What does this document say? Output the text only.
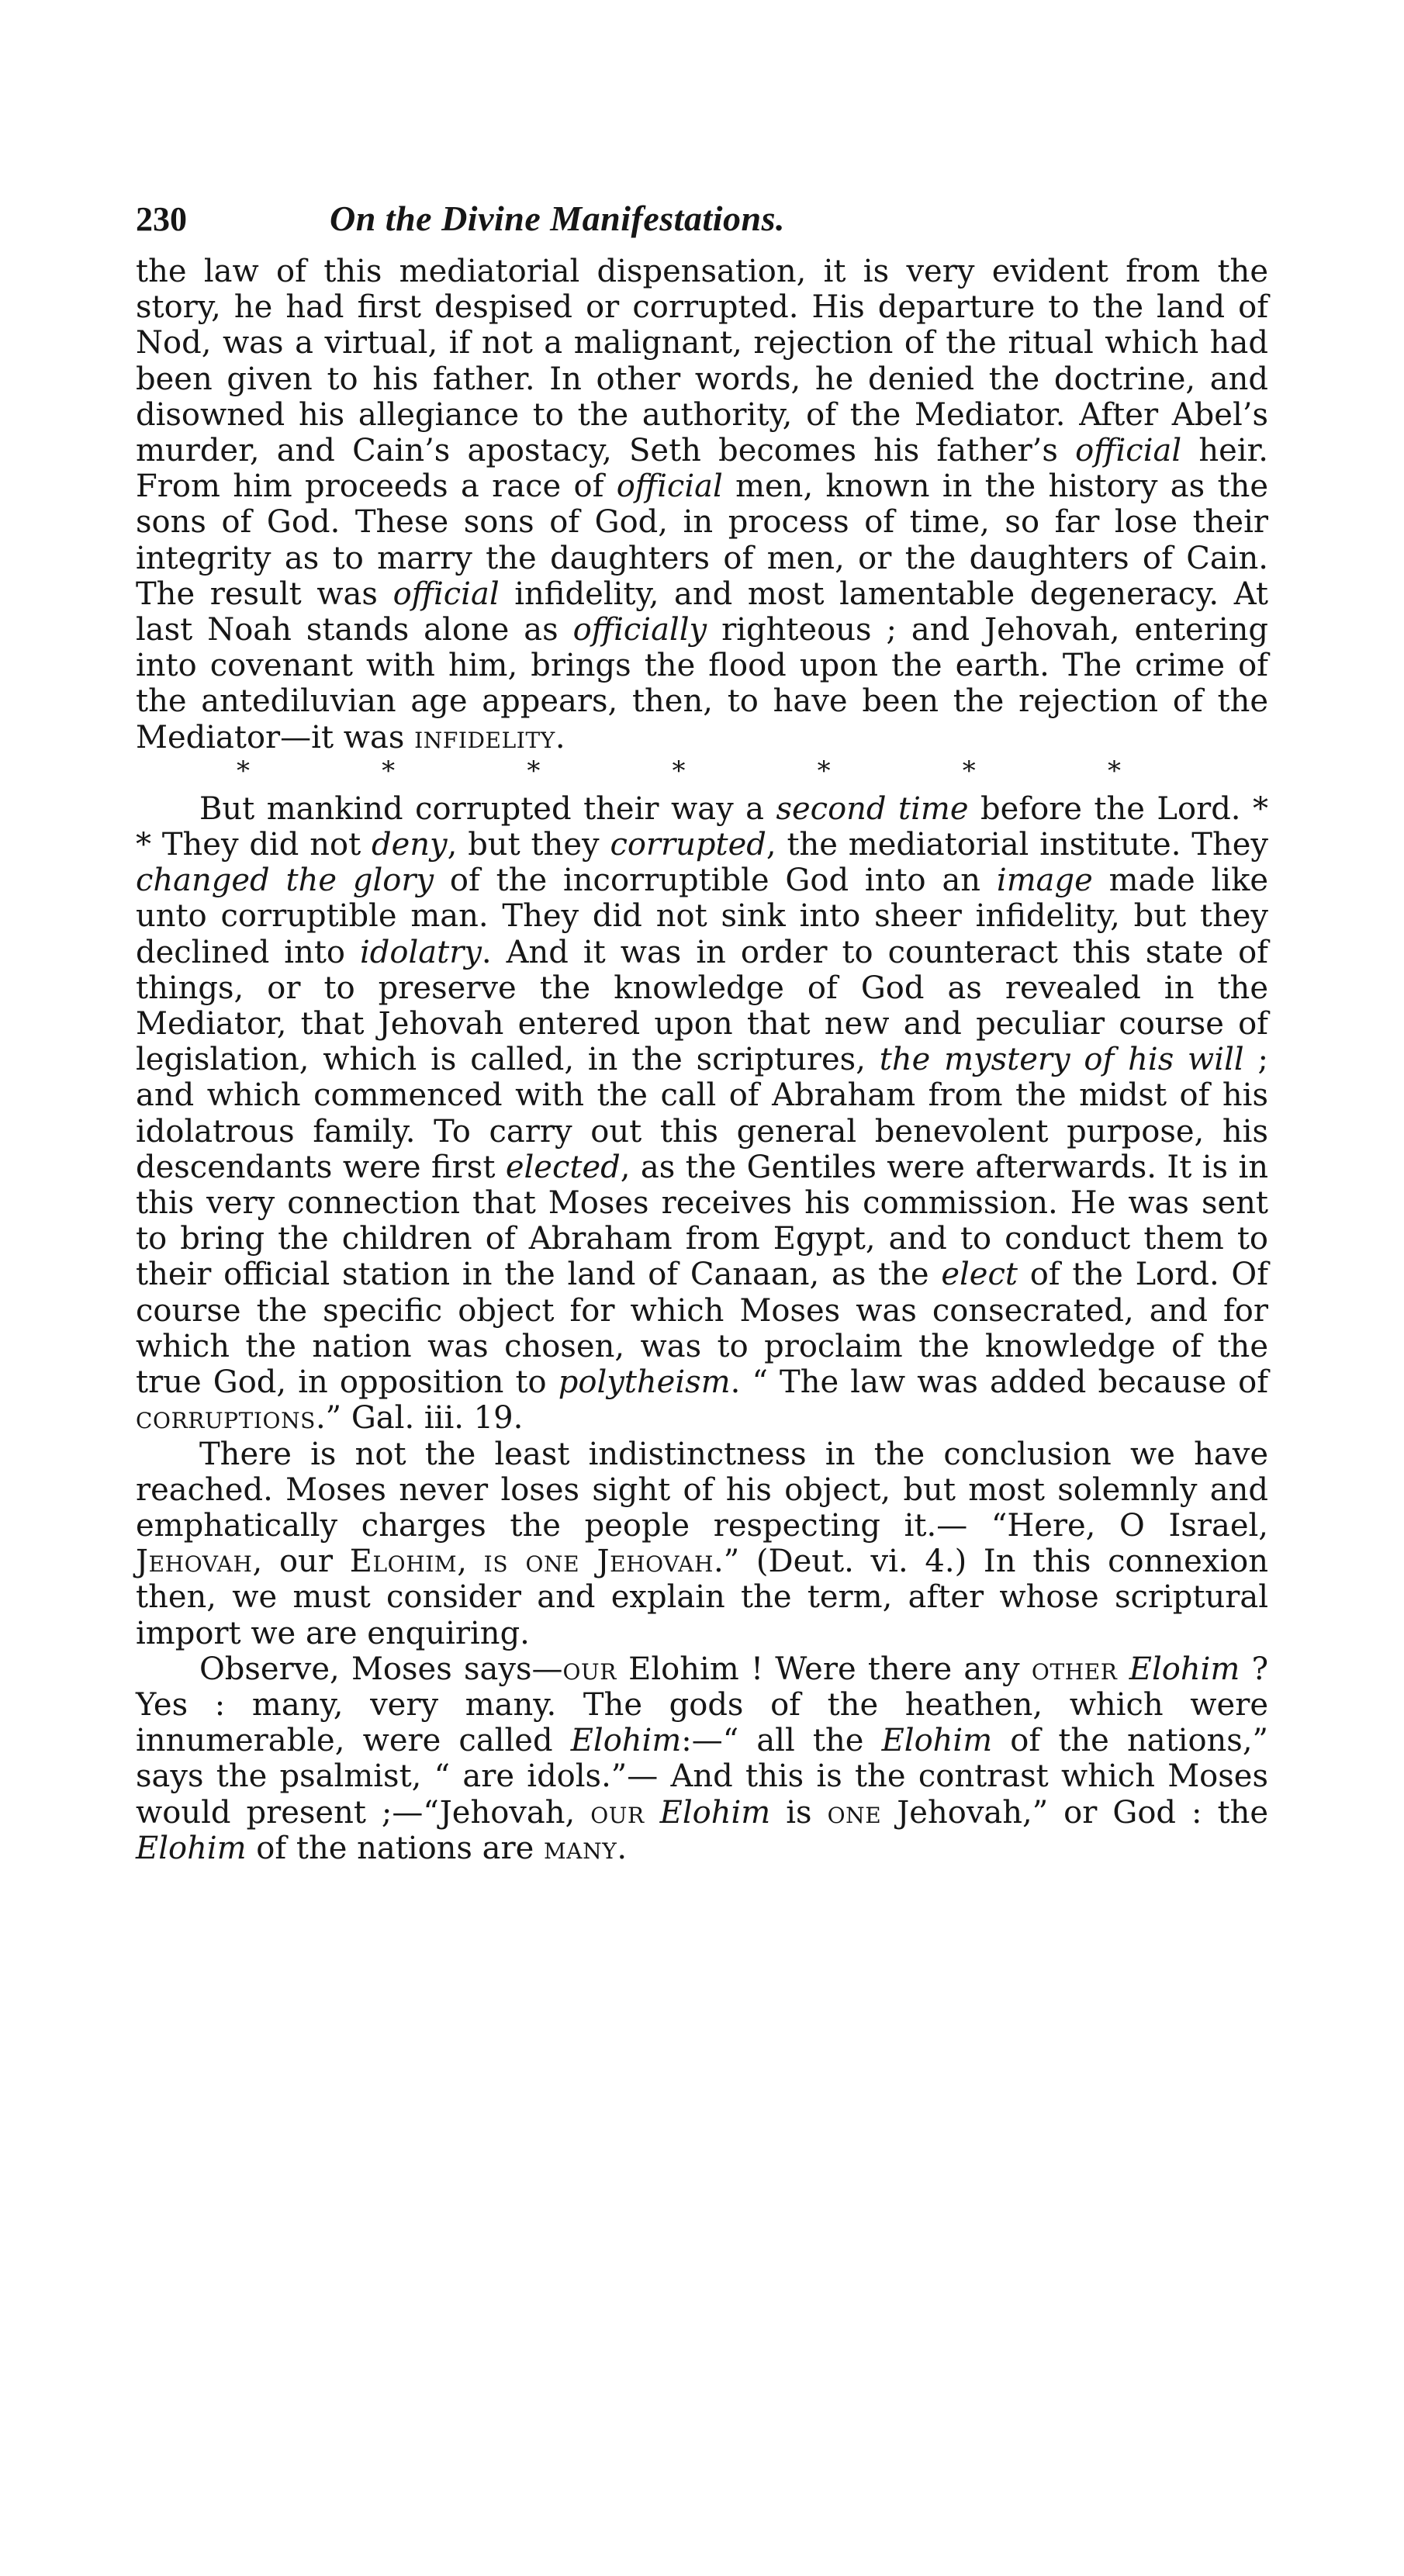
230	On the Divine Manifestations.

the law of this mediatorial dispensation, it is very evident from the story, he had first despised or corrupted. His departure to the land of Nod, was a virtual, if not a malignant, rejection of the ritual which had been given to his father. In other words, he denied the doctrine, and disowned his allegiance to the authority, of the Mediator. After Abel’s murder, and Cain’s apostacy, Seth becomes his father’s official heir. From him proceeds a race of official men, known in the history as the sons of God. These sons of God, in process of time, so far lose their integrity as to marry the daughters of men, or the daughters of Cain. The result was official infidelity, and most lamentable degeneracy. At last Noah stands alone as officially righteous ; and Jehovah, entering into covenant with him, brings the flood upon the earth. The crime of the antediluvian age appears, then, to have been the rejection of the Mediator—it was infidelity.

*	*	*	*	*	*	*

But mankind corrupted their way a second time before the Lord. * * They did not deny, but they corrupted, the mediatorial institute. They changed the glory of the incorruptible God into an image made like unto corruptible man. They did not sink into sheer infidelity, but they declined into idolatry. And it was in order to counteract this state of things, or to preserve the knowledge of God as revealed in the Mediator, that Jehovah entered upon that new and peculiar course of legislation, which is called, in the scriptures, the mystery of his will ; and which commenced with the call of Abraham from the midst of his idolatrous family. To carry out this general benevolent purpose, his descendants were first elected, as the Gentiles were afterwards. It is in this very connection that Moses receives his commission. He was sent to bring the children of Abraham from Egypt, and to conduct them to their official station in the land of Canaan, as the elect of the Lord. Of course the specific object for which Moses was consecrated, and for which the nation was chosen, was to proclaim the knowledge of the true God, in opposition to polytheism. “ The law was added because of corruptions.” Gal. iii. 19.

There is not the least indistinctness in the conclusion we have reached. Moses never loses sight of his object, but most solemnly and emphatically charges the people respecting it.— “Here, O Israel, Jehovah, our Elohim, is one Jehovah.” (Deut. vi. 4.) In this connexion then, we must consider and explain the term, after whose scriptural import we are enquiring.

Observe, Moses says—our Elohim ! Were there any other Elohim ? Yes : many, very many. The gods of the heathen, which were innumerable, were called Elohim:—“ all the Elohim of the nations,” says the psalmist, “ are idols.”— And this is the contrast which Moses would present ;—“Jehovah, our Elohim is one Jehovah,” or God : the Elohim of the nations are many.
